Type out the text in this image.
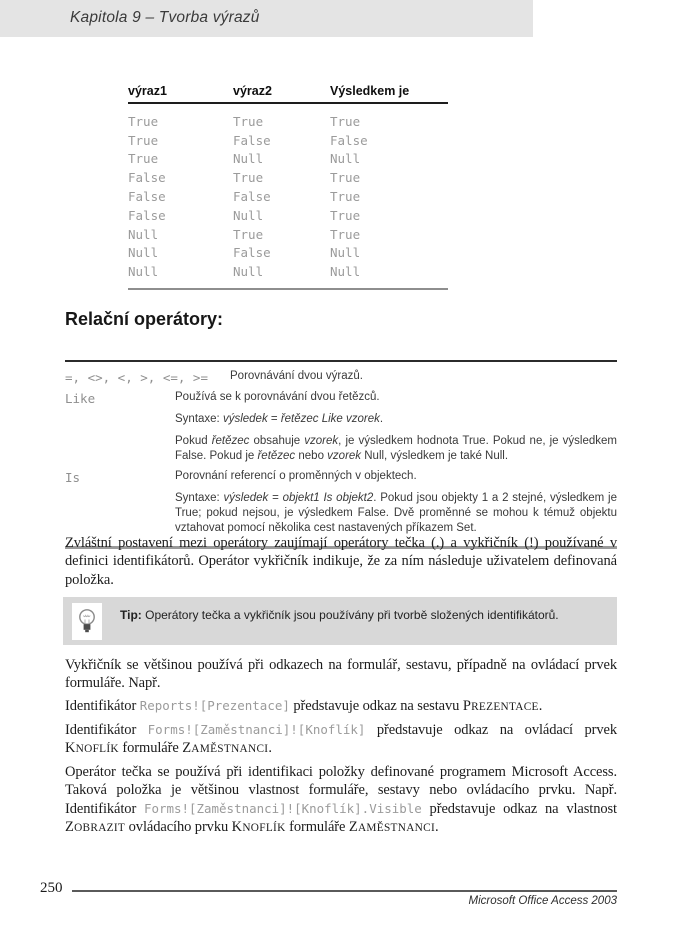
Kapitola 9 – Tvorba výrazů
výraz1	výraz2	Výsledkem je
True	True	True
True	False	False
True	Null	Null
False	True	True
False	False	True
False	Null	True
Null	True	True
Null	False	Null
Null	Null	Null
Relační operátory:
=, <>, <, >, <=, >=	Porovnávání dvou výrazů.

Like	Používá se k porovnávání dvou řetězců.

Syntaxe: výsledek = řetězec Like vzorek.

Pokud řetězec obsahuje vzorek, je výsledkem hodnota True. Pokud ne, je výsledkem False. Pokud je řetězec nebo vzorek Null, výsledkem je také Null.

Is	Porovnání referencí o proměnných v objektech.

Syntaxe: výsledek = objekt1 Is objekt2. Pokud jsou objekty 1 a 2 stejné, výsledkem je True; pokud nejsou, je výsledkem False. Dvě proměnné se mohou k témuž objektu vztahovat pomocí několika cest nastavených příkazem Set.

Zvláštní postavení mezi operátory zaujímají operátory tečka (.) a vykřičník (!) používané v definici identifikátorů. Operátor vykřičník indikuje, že za ním následuje uživatelem definovaná položka.

Tip: Operátory tečka a vykřičník jsou používány při tvorbě složených identifikátorů.

Vykřičník se většinou používá při odkazech na formulář, sestavu, případně na ovládací prvek formuláře. Např.

Identifikátor Reports![Prezentace] představuje odkaz na sestavu PREZENTACE.

Identifikátor Forms![Zaměstnanci]![Knoflík] představuje odkaz na ovládací prvek KNOFLÍK formuláře ZAMĚSTNANCI.

Operátor tečka se používá při identifikaci položky definované programem Microsoft Access. Taková položka je většinou vlastnost formuláře, sestavy nebo ovládacího prvku. Např. Identifikátor Forms![Zaměstnanci]![Knoflík].Visible představuje odkaz na vlastnost ZOBRAZIT ovládacího prvku KNOFLÍK formuláře ZAMĚSTNANCI.

250
Microsoft Office Access 2003
